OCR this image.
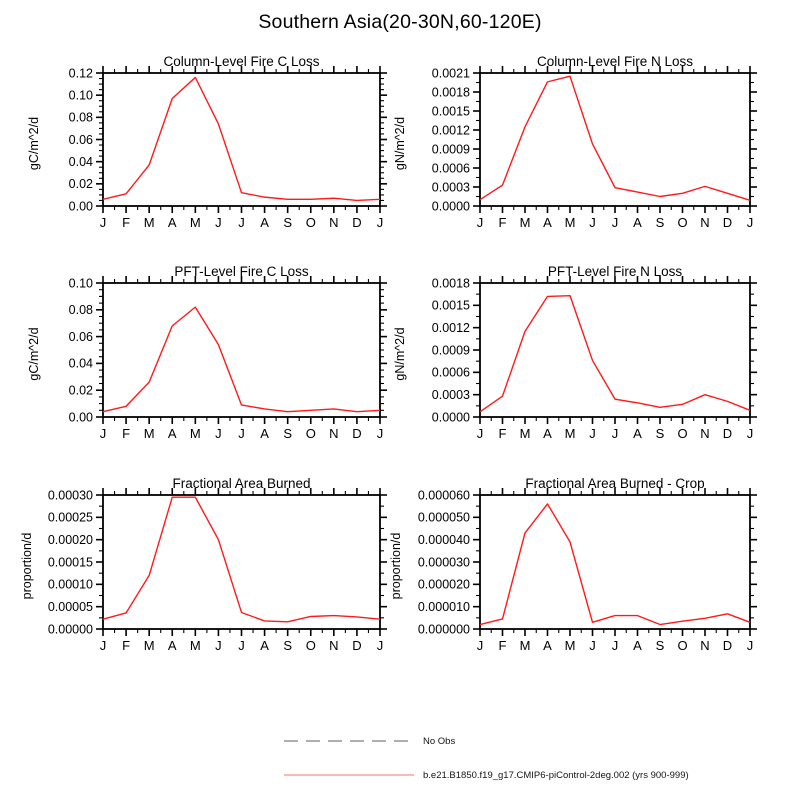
Southern Asia(20-30N,60-120E)
0.00
0.02
0.04
0.06
0.08
0.10
0.12
J F M A M J J A S O N D J
Column-Level Fire C Loss
gC/m^2/d
0.0000
0.0003
0.0006
0.0009
0.0012
0.0015
0.0018
0.0021
J F M A M J J A S O N D J
Column-Level Fire N Loss
gN/m^2/d
0.00
0.02
0.04
0.06
0.08
0.10
J F M A M J J A S O N D J
PFT-Level Fire C Loss
gC/m^2/d
0.0000
0.0003
0.0006
0.0009
0.0012
0.0015
0.0018
J F M A M J J A S O N D J
PFT-Level Fire N Loss
gN/m^2/d
0.00000
0.00005
0.00010
0.00015
0.00020
0.00025
0.00030
J F M A M J J A S O N D J
Fractional Area Burned
proportion/d
0.000000
0.000010
0.000020
0.000030
0.000040
0.000050
0.000060
J F M A M J J A S O N D J
Fractional Area Burned - Crop
proportion/d
No Obs
b.e21.B1850.f19_g17.CMIP6-piControl-2deg.002 (yrs 900-999)
